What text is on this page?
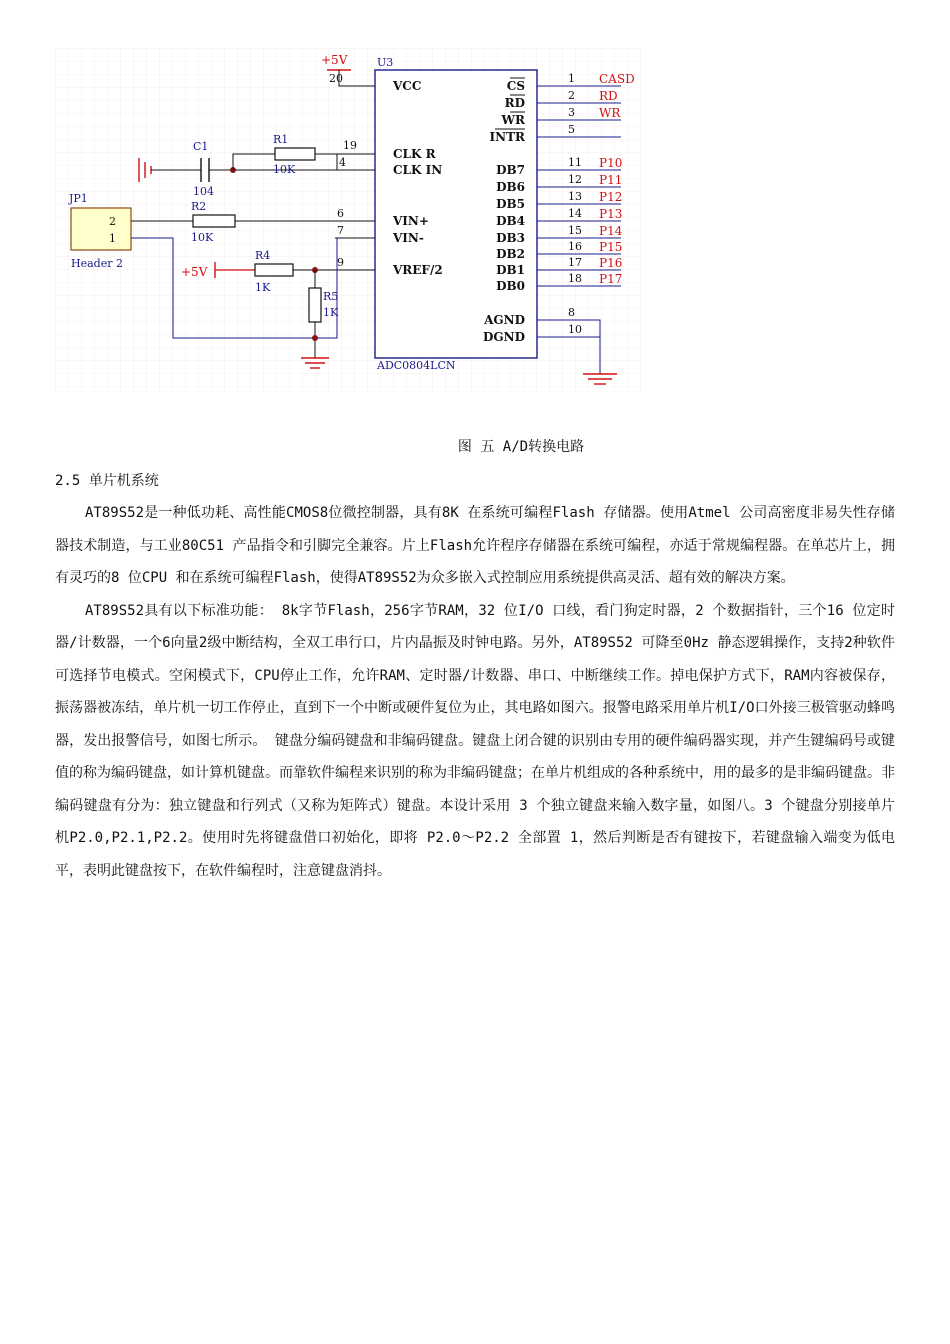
U3
ADC0804LCN
+5V
20
VCC
19
CLK R
4
CLK IN
6
VIN+
7
VIN-
9
VREF/2
C1
104
R1
10K
JP1
2
1
Header 2
R2
10K
+5V
R4
1K
R5
1K
1
CS	CASD
2
RD	RD
3
WR	WR
5
INTR
11
DB7	P10
12
DB6	P11
13
DB5	P12
14
DB4	P13
15
DB3	P14
16
DB2	P15
17
DB1	P16
18
DB0	P17
8
AGND
10
DGND
图 五 A/D转换电路
2.5 单片机系统

AT89S52是一种低功耗、高性能CMOS8位微控制器，具有8K 在系统可编程Flash 存储器。使用Atmel 公司高密度非易失性存储器技术制造，与工业80C51 产品指令和引脚完全兼容。片上Flash允许程序存储器在系统可编程，亦适于常规编程器。在单芯片上，拥有灵巧的8 位CPU 和在系统可编程Flash，使得AT89S52为众多嵌入式控制应用系统提供高灵活、超有效的解决方案。

AT89S52具有以下标准功能： 8k字节Flash，256字节RAM，32 位I/O 口线，看门狗定时器，2 个数据指针，三个16 位定时器/计数器，一个6向量2级中断结构，全双工串行口，片内晶振及时钟电路。另外，AT89S52 可降至0Hz 静态逻辑操作，支持2种软件可选择节电模式。空闲模式下，CPU停止工作，允许RAM、定时器/计数器、串口、中断继续工作。掉电保护方式下，RAM内容被保存，振荡器被冻结，单片机一切工作停止，直到下一个中断或硬件复位为止，其电路如图六。报警电路采用单片机I/O口外接三极管驱动蜂鸣器，发出报警信号，如图七所示。 键盘分编码键盘和非编码键盘。键盘上闭合键的识别由专用的硬件编码器实现，并产生键编码号或键值的称为编码键盘，如计算机键盘。而靠软件编程来识别的称为非编码键盘；在单片机组成的各种系统中，用的最多的是非编码键盘。非编码键盘有分为：独立键盘和行列式（又称为矩阵式）键盘。本设计采用 3 个独立键盘来输入数字量，如图八。3 个键盘分别接单片机P2.0,P2.1,P2.2。使用时先将键盘借口初始化，即将 P2.0～P2.2 全部置 1，然后判断是否有键按下，若键盘输入端变为低电平，表明此键盘按下，在软件编程时，注意键盘消抖。
